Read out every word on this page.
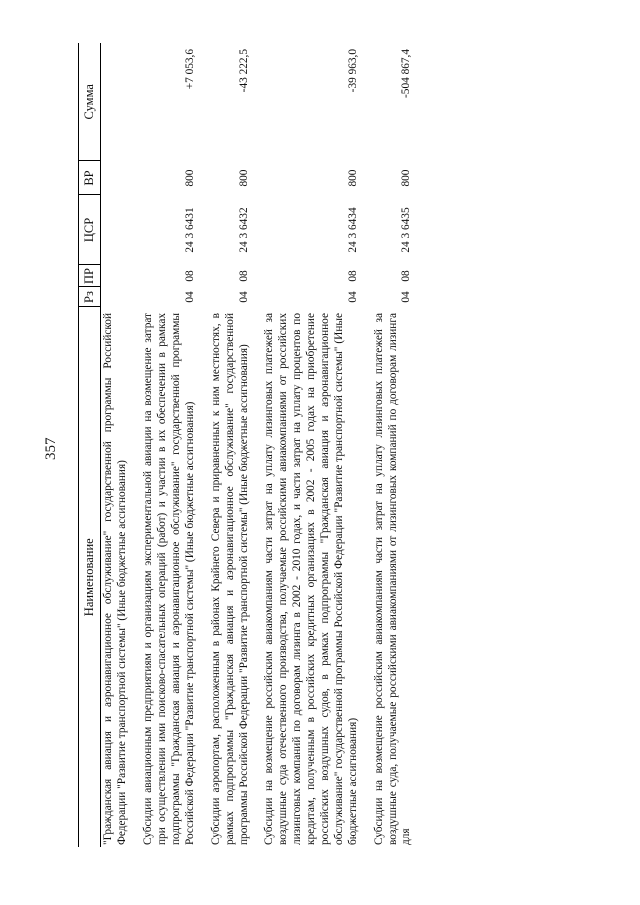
357
Наименование	Рз	ПР	ЦСР	ВР	Сумма
"Гражданская авиация и аэронавигационное обслуживание" государственной программы Российской Федерации "Развитие транспортной системы" (Иные бюджетные ассигнования)					
Субсидии авиационным предприятиям и организациям экспериментальной авиации на возмещение затрат при осуществлении ими поисково-спасательных операций (работ) и участии в их обеспечении в рамках подпрограммы "Гражданская авиация и аэронавигационное обслуживание" государственной программы Российской Федерации "Развитие транспортной системы" (Иные бюджетные ассигнования)	04	08	24 3 6431	800	+7 053,6
Субсидии аэропортам, расположенным в районах Крайнего Севера и приравненных к ним местностях, в рамках подпрограммы "Гражданская авиация и аэронавигационное обслуживание" государственной программы Российской Федерации "Развитие транспортной системы" (Иные бюджетные ассигнования)	04	08	24 3 6432	800	-43 222,5
Субсидии на возмещение российским авиакомпаниям части затрат на уплату лизинговых платежей за воздушные суда отечественного производства, получаемые российскими авиакомпаниями от российских лизинговых компаний по договорам лизинга в 2002 - 2010 годах, и части затрат на уплату процентов по кредитам, полученным в российских кредитных организациях в 2002 - 2005 годах на приобретение российских воздушных судов, в рамках подпрограммы "Гражданская авиация и аэронавигационное обслуживание" государственной программы Российской Федерации "Развитие транспортной системы" (Иные бюджетные ассигнования)	04	08	24 3 6434	800	-39 963,0
Субсидии на возмещение российским авиакомпаниям части затрат на уплату лизинговых платежей за воздушные суда, получаемые российскими авиакомпаниями от лизинговых компаний по договорам лизинга для	04	08	24 3 6435	800	-504 867,4
